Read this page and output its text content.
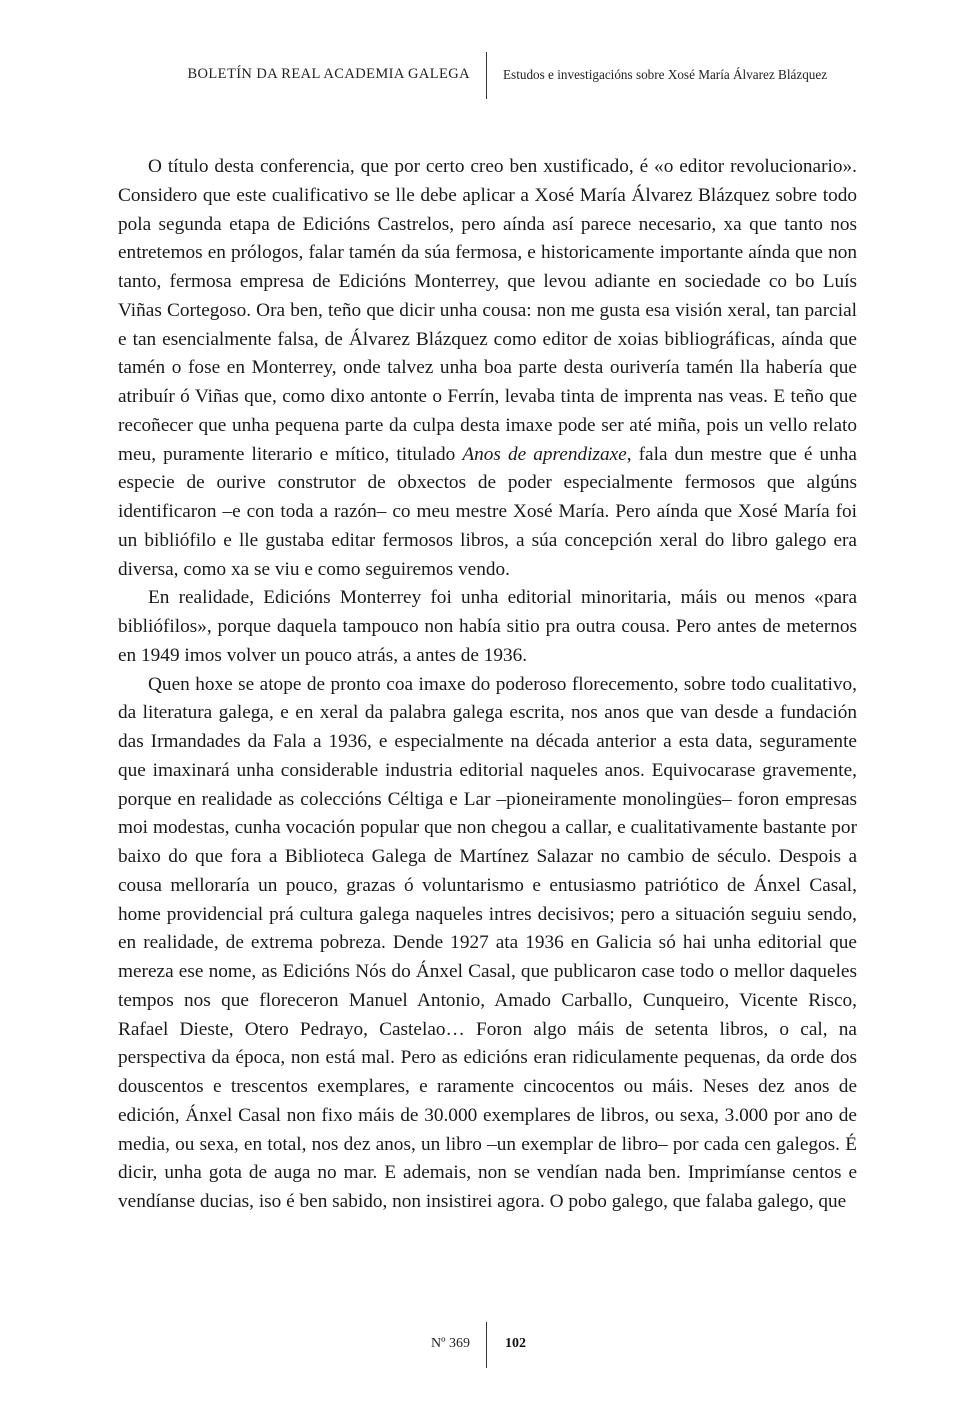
BOLETÍN DA REAL ACADEMIA GALEGA	Estudos e investigacións sobre Xosé María Álvarez Blázquez

O título desta conferencia, que por certo creo ben xustificado, é «o editor revolucionario». Considero que este cualificativo se lle debe aplicar a Xosé María Álvarez Blázquez sobre todo pola segunda etapa de Edicións Castrelos, pero aínda así parece necesario, xa que tanto nos entretemos en prólogos, falar tamén da súa fermosa, e historicamente importante aínda que non tanto, fermosa empresa de Edicións Monterrey, que levou adiante en sociedade co bo Luís Viñas Cortegoso. Ora ben, teño que dicir unha cousa: non me gusta esa visión xeral, tan parcial e tan esencialmente falsa, de Álvarez Blázquez como editor de xoias bibliográficas, aínda que tamén o fose en Monterrey, onde talvez unha boa parte desta ourivería tamén lla habería que atribuír ó Viñas que, como dixo antonte o Ferrín, levaba tinta de imprenta nas veas. E teño que recoñecer que unha pequena parte da culpa desta imaxe pode ser até miña, pois un vello relato meu, puramente literario e mítico, titulado Anos de aprendizaxe, fala dun mestre que é unha especie de ourive construtor de obxectos de poder especialmente fermosos que algúns identificaron –e con toda a razón– co meu mestre Xosé María. Pero aínda que Xosé María foi un bibliófilo e lle gustaba editar fermosos libros, a súa concepción xeral do libro galego era diversa, como xa se viu e como seguiremos vendo.

En realidade, Edicións Monterrey foi unha editorial minoritaria, máis ou menos «para bibliófilos», porque daquela tampouco non había sitio pra outra cousa. Pero antes de meternos en 1949 imos volver un pouco atrás, a antes de 1936.

Quen hoxe se atope de pronto coa imaxe do poderoso florecemento, sobre todo cualitativo, da literatura galega, e en xeral da palabra galega escrita, nos anos que van desde a fundación das Irmandades da Fala a 1936, e especialmente na década anterior a esta data, seguramente que imaxinará unha considerable industria editorial naqueles anos. Equivocarase gravemente, porque en realidade as coleccións Céltiga e Lar –pioneiramente monolingües– foron empresas moi modestas, cunha vocación popular que non chegou a callar, e cualitativamente bastante por baixo do que fora a Biblioteca Galega de Martínez Salazar no cambio de século. Despois a cousa melloraría un pouco, grazas ó voluntarismo e entusiasmo patriótico de Ánxel Casal, home providencial prá cultura galega naqueles intres decisivos; pero a situación seguiu sendo, en realidade, de extrema pobreza. Dende 1927 ata 1936 en Galicia só hai unha editorial que mereza ese nome, as Edicións Nós do Ánxel Casal, que publicaron case todo o mellor daqueles tempos nos que floreceron Manuel Antonio, Amado Carballo, Cunqueiro, Vicente Risco, Rafael Dieste, Otero Pedrayo, Castelao… Foron algo máis de setenta libros, o cal, na perspectiva da época, non está mal. Pero as edicións eran ridiculamente pequenas, da orde dos douscentos e trescentos exemplares, e raramente cincocentos ou máis. Neses dez anos de edición, Ánxel Casal non fixo máis de 30.000 exemplares de libros, ou sexa, 3.000 por ano de media, ou sexa, en total, nos dez anos, un libro –un exemplar de libro– por cada cen galegos. É dicir, unha gota de auga no mar. E ademais, non se vendían nada ben. Imprimíanse centos e vendíanse ducias, iso é ben sabido, non insistirei agora. O pobo galego, que falaba galego, que

Nº 369	102
